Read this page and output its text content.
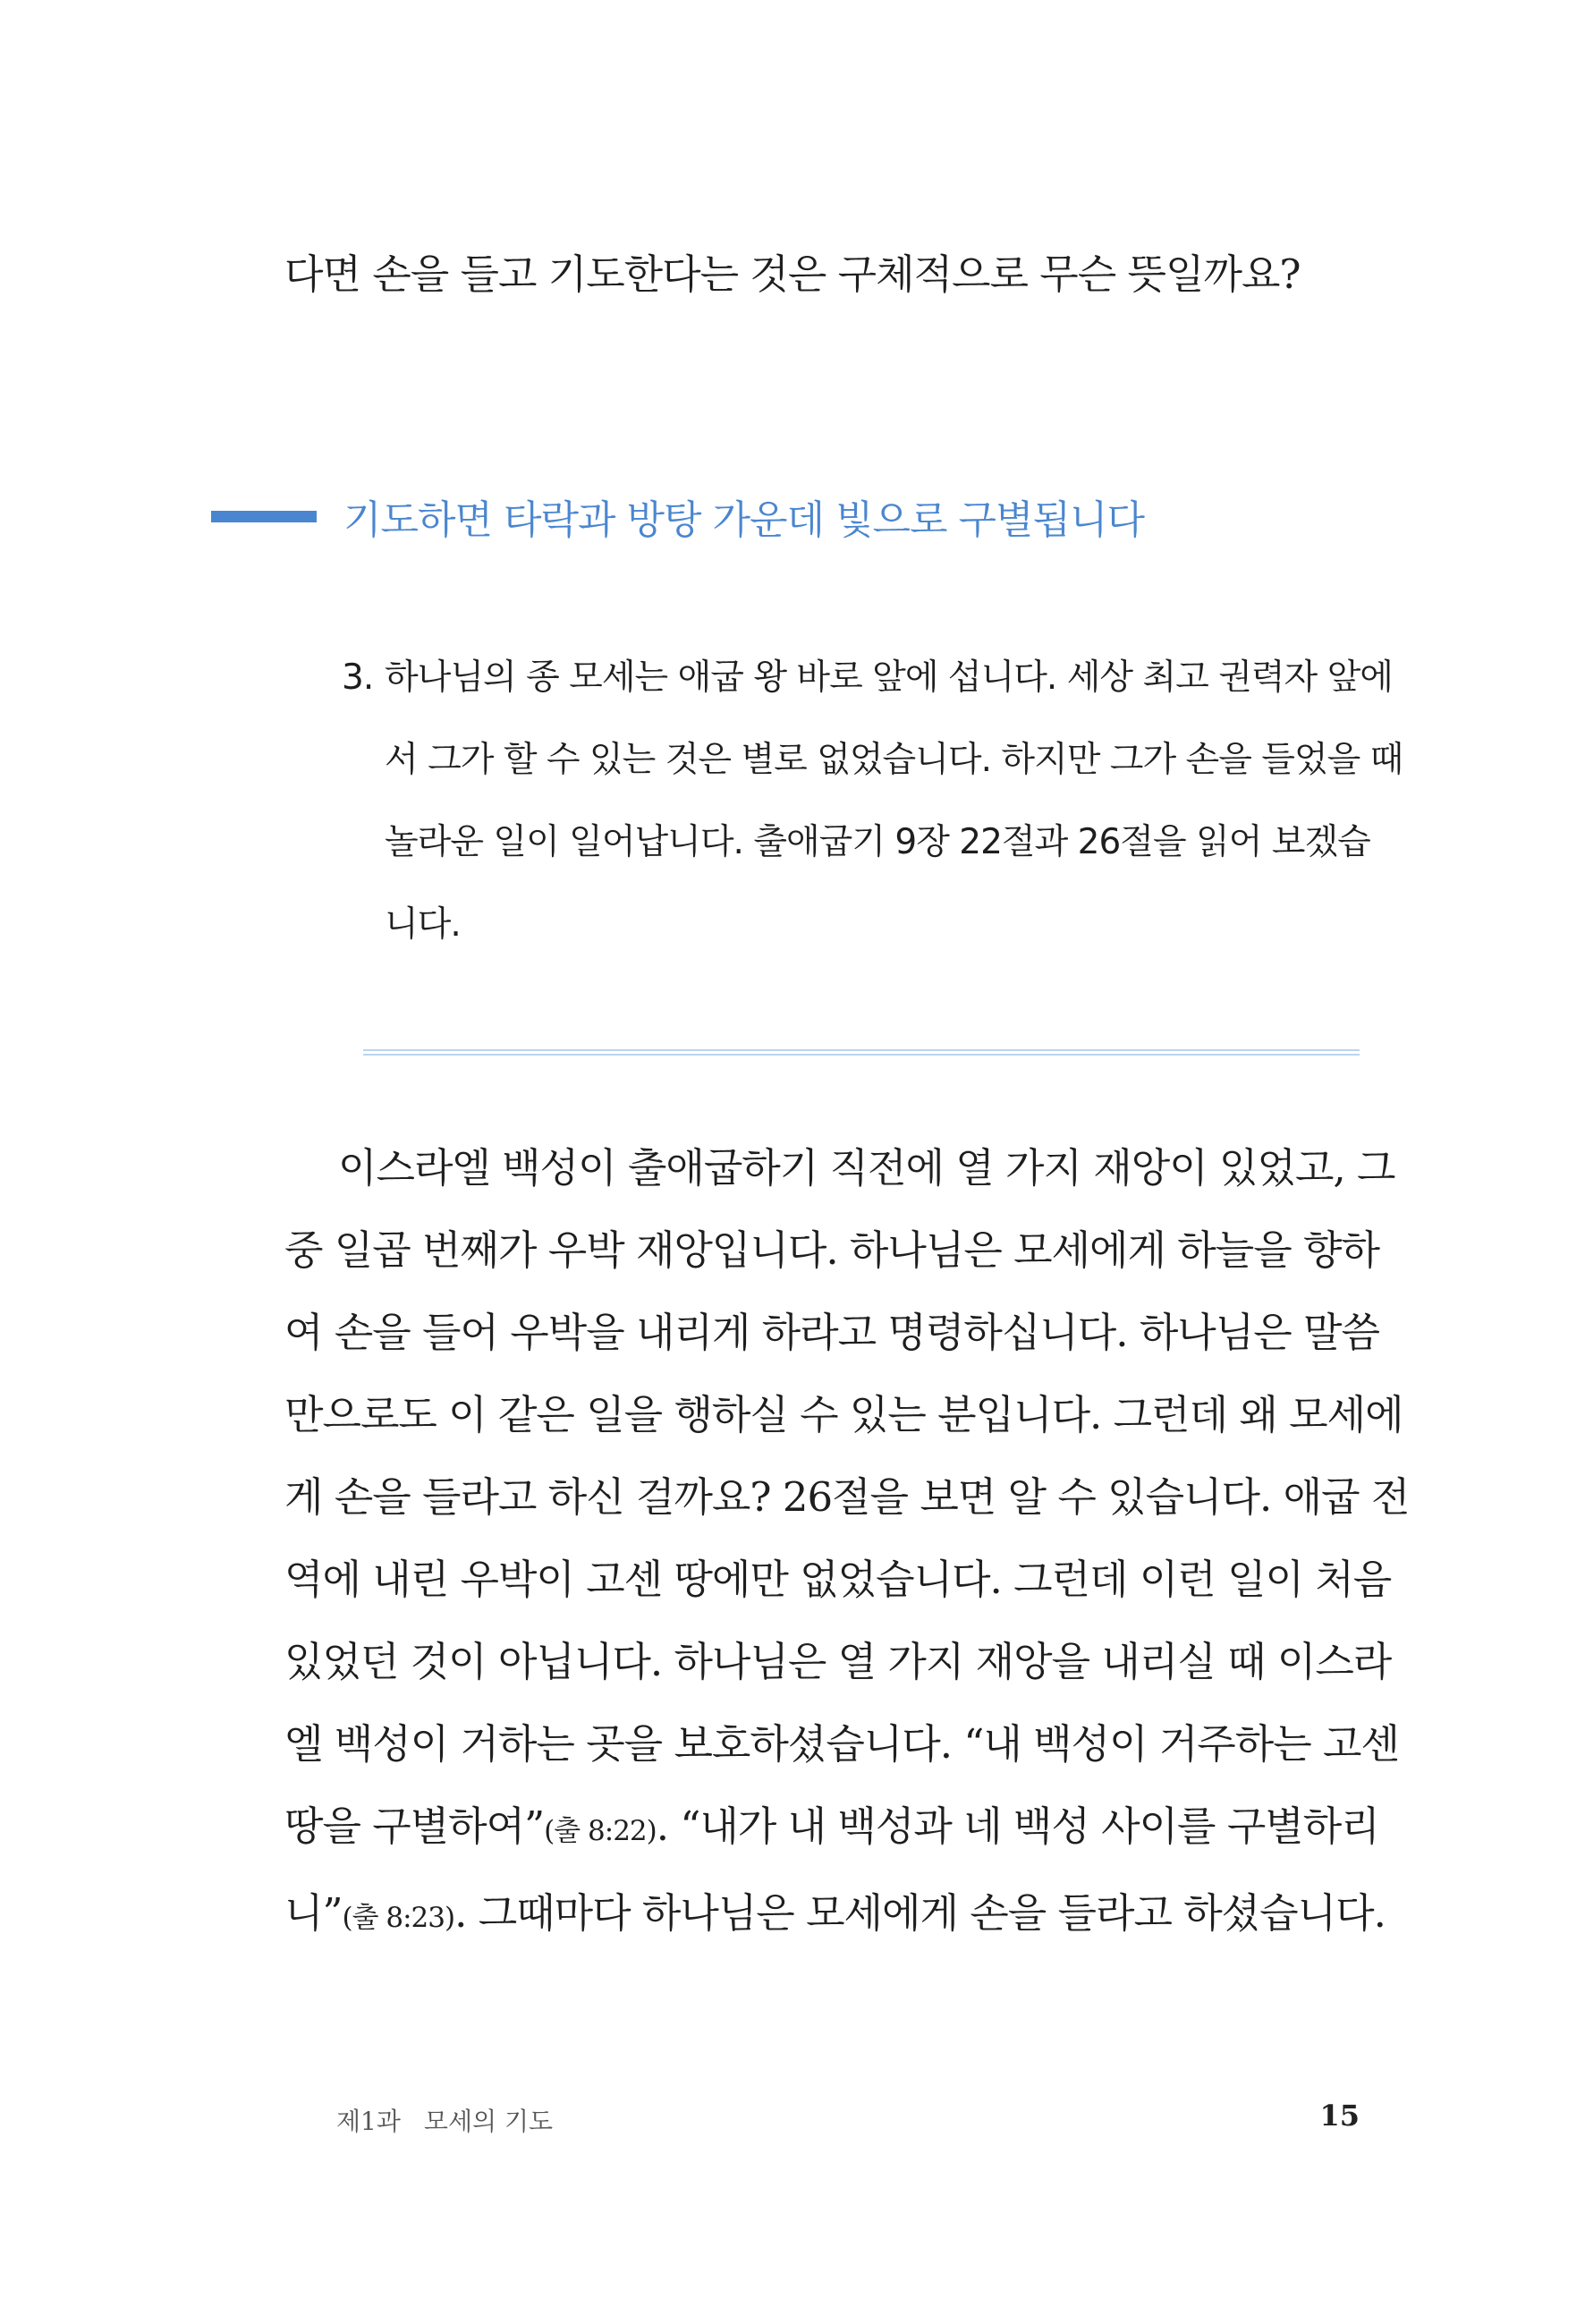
다면 손을 들고 기도한다는 것은 구체적으로 무슨 뜻일까요?
기도하면 타락과 방탕 가운데 빛으로 구별됩니다
3. 하나님의 종 모세는 애굽 왕 바로 앞에 섭니다. 세상 최고 권력자 앞에
서 그가 할 수 있는 것은 별로 없었습니다. 하지만 그가 손을 들었을 때
놀라운 일이 일어납니다. 출애굽기 9장 22절과 26절을 읽어 보겠습
니다.
이스라엘 백성이 출애굽하기 직전에 열 가지 재앙이 있었고, 그
중 일곱 번째가 우박 재앙입니다. 하나님은 모세에게 하늘을 향하
여 손을 들어 우박을 내리게 하라고 명령하십니다. 하나님은 말씀
만으로도 이 같은 일을 행하실 수 있는 분입니다. 그런데 왜 모세에
게 손을 들라고 하신 걸까요? 26절을 보면 알 수 있습니다. 애굽 전
역에 내린 우박이 고센 땅에만 없었습니다. 그런데 이런 일이 처음
있었던 것이 아닙니다. 하나님은 열 가지 재앙을 내리실 때 이스라
엘 백성이 거하는 곳을 보호하셨습니다. “내 백성이 거주하는 고센
땅을 구별하여”(출 8:22). “내가 내 백성과 네 백성 사이를 구별하리
니”(출 8:23). 그때마다 하나님은 모세에게 손을 들라고 하셨습니다.
제1과 모세의 기도	15
